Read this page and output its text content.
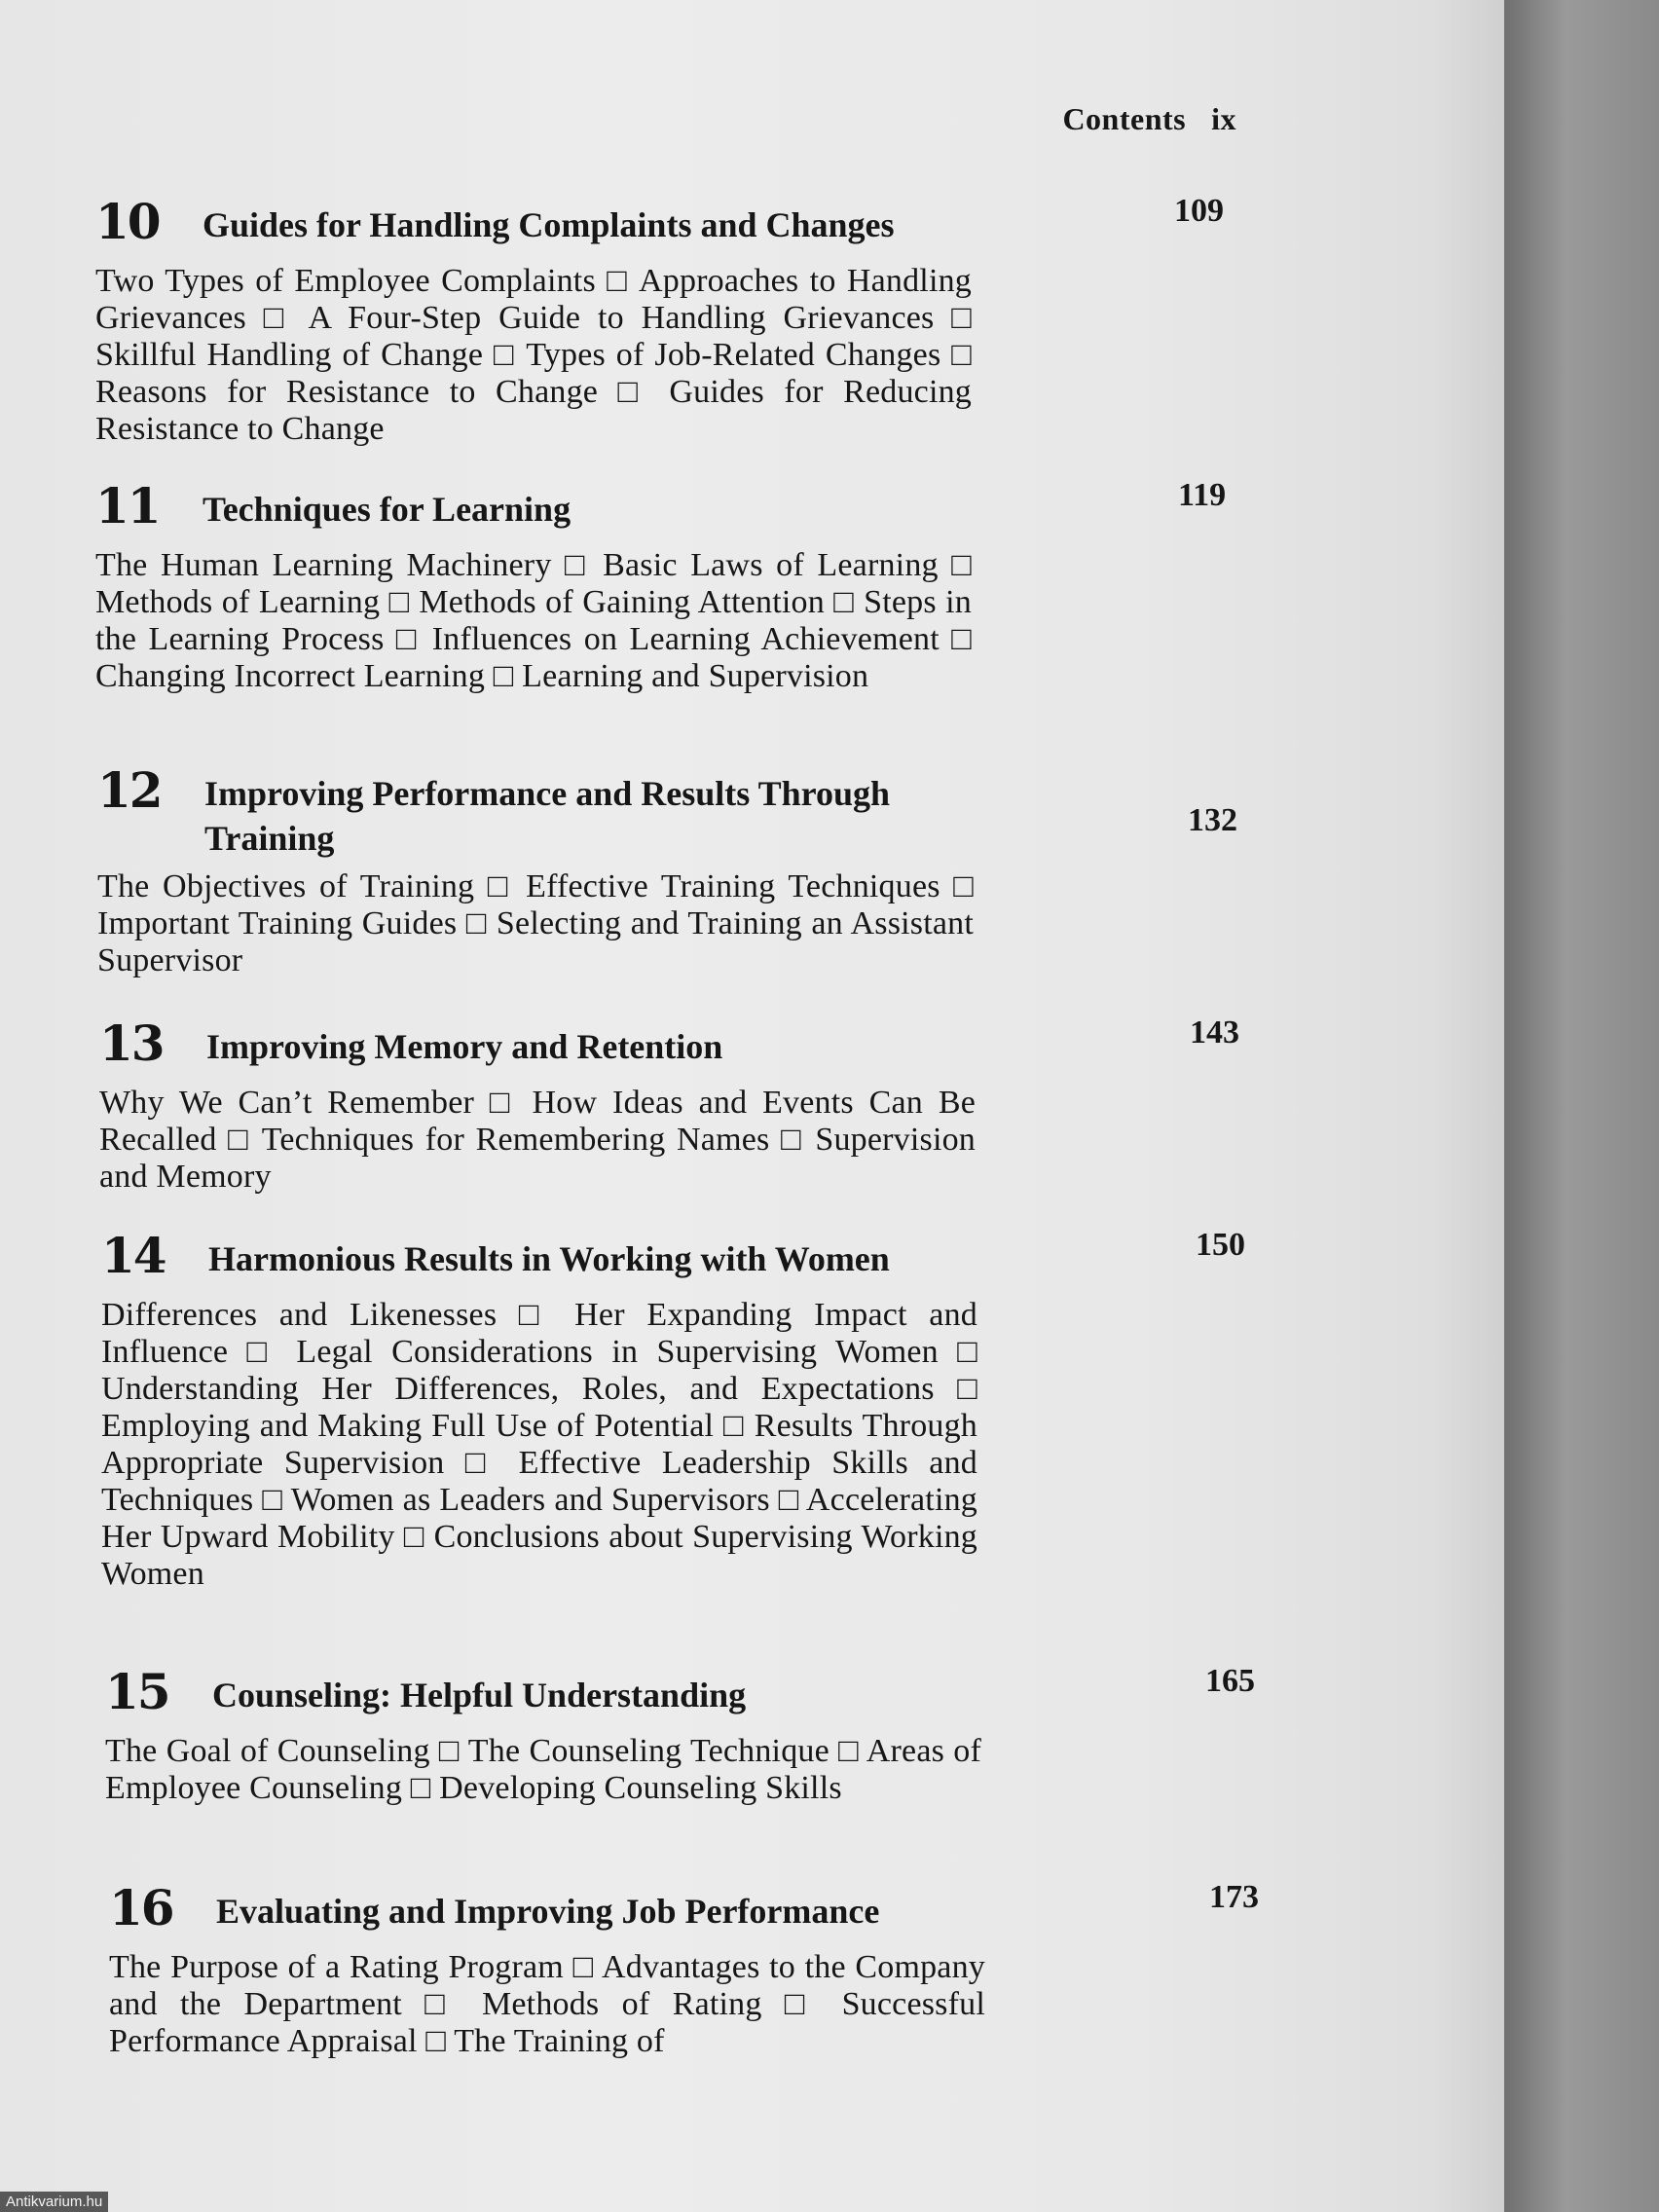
Contents ix
10 Guides for Handling Complaints and Changes	109
Two Types of Employee Complaints □ Approaches to Handling Grievances □ A Four-Step Guide to Handling Grievances □ Skillful Handling of Change □ Types of Job-Related Changes □ Reasons for Resistance to Change □ Guides for Reducing Resistance to Change
11 Techniques for Learning	119
The Human Learning Machinery □ Basic Laws of Learning □ Methods of Learning □ Methods of Gaining Attention □ Steps in the Learning Process □ Influences on Learning Achievement □ Changing Incorrect Learning □ Learning and Supervision
12 Improving Performance and Results Through Training	132
The Objectives of Training □ Effective Training Techniques □ Important Training Guides □ Selecting and Training an Assistant Supervisor
13 Improving Memory and Retention	143
Why We Can’t Remember □ How Ideas and Events Can Be Recalled □ Techniques for Remembering Names □ Supervision and Memory
14 Harmonious Results in Working with Women	150
Differences and Likenesses □ Her Expanding Impact and Influence □ Legal Considerations in Supervising Women □ Understanding Her Differences, Roles, and Expectations □ Employing and Making Full Use of Potential □ Results Through Appropriate Supervision □ Effective Leadership Skills and Techniques □ Women as Leaders and Supervisors □ Accelerating Her Upward Mobility □ Conclusions about Supervising Working Women
15 Counseling: Helpful Understanding	165
The Goal of Counseling □ The Counseling Technique □ Areas of Employee Counseling □ Developing Counseling Skills
16 Evaluating and Improving Job Performance	173
The Purpose of a Rating Program □ Advantages to the Company and the Department □ Methods of Rating □ Successful Performance Appraisal □ The Training of
Antikvarium.hu
